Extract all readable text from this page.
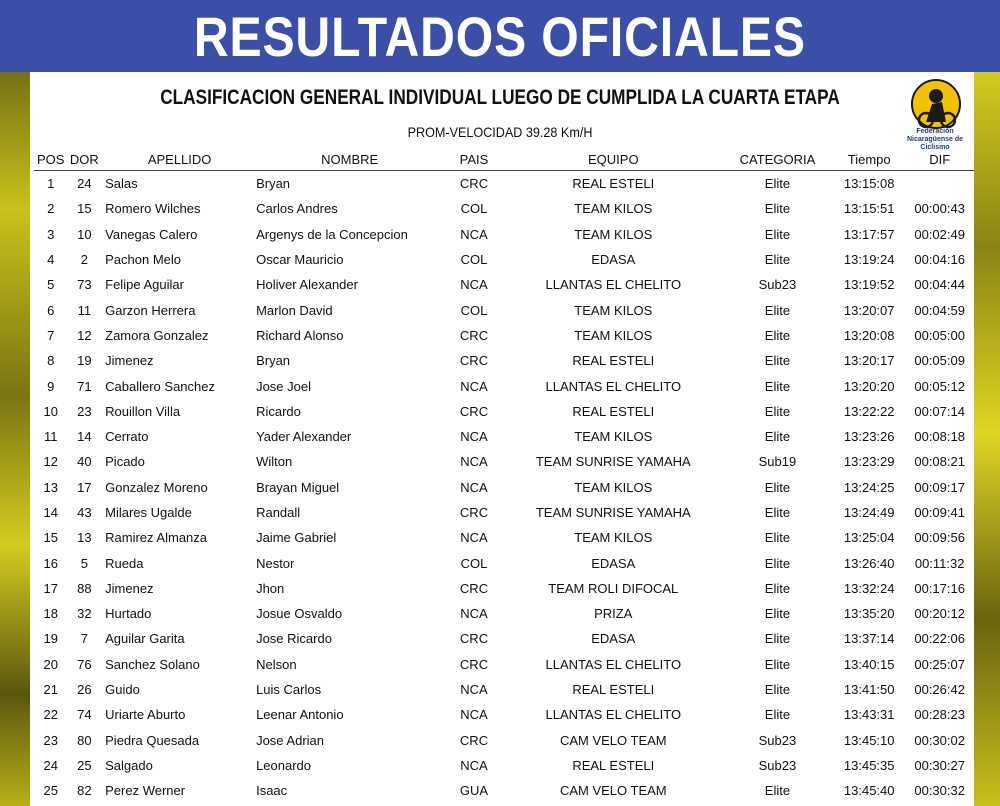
RESULTADOS OFICIALES
CLASIFICACION GENERAL INDIVIDUAL LUEGO DE CUMPLIDA LA CUARTA ETAPA
PROM-VELOCIDAD 39.28 Km/H	Federación Nicaragüense de Ciclismo
POS	DOR	APELLIDO	NOMBRE	PAIS	EQUIPO	CATEGORIA	Tiempo	DIF
1	24	Salas	Bryan	CRC	REAL ESTELI	Elite	13:15:08	
2	15	Romero Wilches	Carlos Andres	COL	TEAM KILOS	Elite	13:15:51	00:00:43
3	10	Vanegas Calero	Argenys de la Concepcion	NCA	TEAM KILOS	Elite	13:17:57	00:02:49
4	2	Pachon Melo	Oscar Mauricio	COL	EDASA	Elite	13:19:24	00:04:16
5	73	Felipe Aguilar	Holiver Alexander	NCA	LLANTAS EL CHELITO	Sub23	13:19:52	00:04:44
6	11	Garzon Herrera	Marlon David	COL	TEAM KILOS	Elite	13:20:07	00:04:59
7	12	Zamora Gonzalez	Richard Alonso	CRC	TEAM KILOS	Elite	13:20:08	00:05:00
8	19	Jimenez	Bryan	CRC	REAL ESTELI	Elite	13:20:17	00:05:09
9	71	Caballero Sanchez	Jose Joel	NCA	LLANTAS EL CHELITO	Elite	13:20:20	00:05:12
10	23	Rouillon Villa	Ricardo	CRC	REAL ESTELI	Elite	13:22:22	00:07:14
11	14	Cerrato	Yader Alexander	NCA	TEAM KILOS	Elite	13:23:26	00:08:18
12	40	Picado	Wilton	NCA	TEAM SUNRISE YAMAHA	Sub19	13:23:29	00:08:21
13	17	Gonzalez Moreno	Brayan Miguel	NCA	TEAM KILOS	Elite	13:24:25	00:09:17
14	43	Milares Ugalde	Randall	CRC	TEAM SUNRISE YAMAHA	Elite	13:24:49	00:09:41
15	13	Ramirez Almanza	Jaime Gabriel	NCA	TEAM KILOS	Elite	13:25:04	00:09:56
16	5	Rueda	Nestor	COL	EDASA	Elite	13:26:40	00:11:32
17	88	Jimenez	Jhon	CRC	TEAM ROLI DIFOCAL	Elite	13:32:24	00:17:16
18	32	Hurtado	Josue Osvaldo	NCA	PRIZA	Elite	13:35:20	00:20:12
19	7	Aguilar Garita	Jose Ricardo	CRC	EDASA	Elite	13:37:14	00:22:06
20	76	Sanchez Solano	Nelson	CRC	LLANTAS EL CHELITO	Elite	13:40:15	00:25:07
21	26	Guido	Luis Carlos	NCA	REAL ESTELI	Elite	13:41:50	00:26:42
22	74	Uriarte Aburto	Leenar Antonio	NCA	LLANTAS EL CHELITO	Elite	13:43:31	00:28:23
23	80	Piedra Quesada	Jose Adrian	CRC	CAM VELO TEAM	Sub23	13:45:10	00:30:02
24	25	Salgado	Leonardo	NCA	REAL ESTELI	Sub23	13:45:35	00:30:27
25	82	Perez Werner	Isaac	GUA	CAM VELO TEAM	Elite	13:45:40	00:30:32
